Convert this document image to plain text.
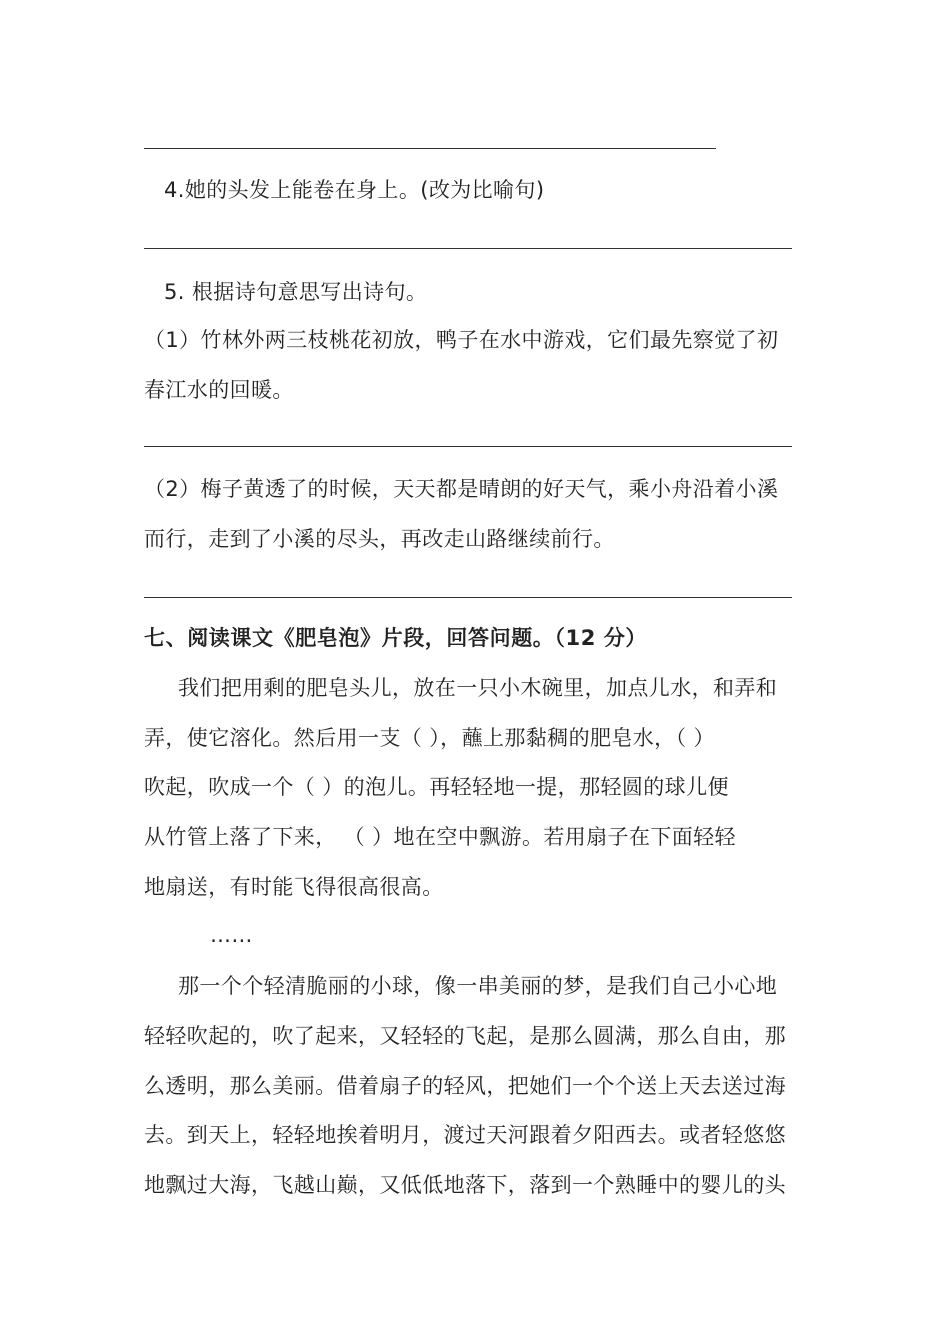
4.她的头发上能卷在身上。(改为比喻句)
5. 根据诗句意思写出诗句。
（1）竹林外两三枝桃花初放，鸭子在水中游戏，它们最先察觉了初
春江水的回暖。
（2）梅子黄透了的时候，天天都是晴朗的好天气，乘小舟沿着小溪
而行，走到了小溪的尽头，再改走山路继续前行。
七、阅读课文《肥皂泡》片段，回答问题。（12 分）
我们把用剩的肥皂头儿，放在一只小木碗里，加点儿水，和弄和
弄，使它溶化。然后用一支（ ），蘸上那黏稠的肥皂水，（ ）
吹起，吹成一个（ ）的泡儿。再轻轻地一提，那轻圆的球儿便
从竹管上落了下来， （ ）地在空中飘游。若用扇子在下面轻轻
地扇送，有时能飞得很高很高。
……
那一个个轻清脆丽的小球，像一串美丽的梦，是我们自己小心地
轻轻吹起的，吹了起来，又轻轻的飞起，是那么圆满，那么自由，那
么透明，那么美丽。借着扇子的轻风，把她们一个个送上天去送过海
去。到天上，轻轻地挨着明月，渡过天河跟着夕阳西去。或者轻悠悠
地飘过大海，飞越山巅，又低低地落下，落到一个熟睡中的婴儿的头
